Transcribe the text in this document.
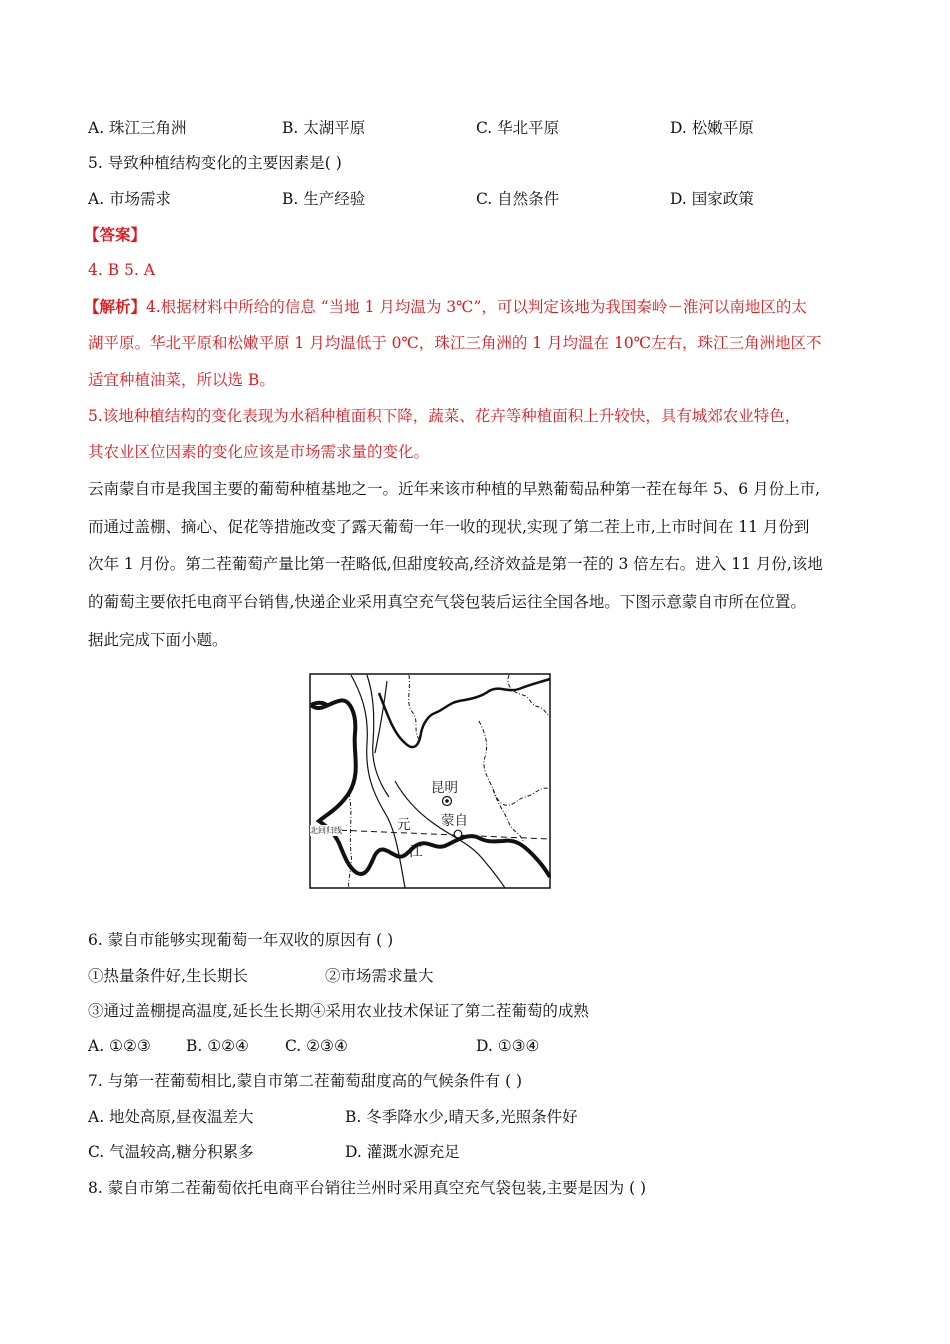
A. 珠江三角洲	B. 太湖平原	C. 华北平原	D. 松嫩平原
5. 导致种植结构变化的主要因素是( )
A. 市场需求	B. 生产经验	C. 自然条件	D. 国家政策
【答案】
4. B 5. A
【解析】4.根据材料中所给的信息 “当地 1 月均温为 3℃”，可以判定该地为我国秦岭－淮河以南地区的太
湖平原。华北平原和松嫩平原 1 月均温低于 0℃，珠江三角洲的 1 月均温在 10℃左右，珠江三角洲地区不
适宜种植油菜，所以选 B。
5.该地种植结构的变化表现为水稻种植面积下降，蔬菜、花卉等种植面积上升较快，具有城郊农业特色，
其农业区位因素的变化应该是市场需求量的变化。
云南蒙自市是我国主要的葡萄种植基地之一。近年来该市种植的早熟葡萄品种第一茬在每年 5、6 月份上市,
而通过盖棚、摘心、促花等措施改变了露天葡萄一年一收的现状,实现了第二茬上市,上市时间在 11 月份到
次年 1 月份。第二茬葡萄产量比第一茬略低,但甜度较高,经济效益是第一茬的 3 倍左右。进入 11 月份,该地
的葡萄主要依托电商平台销售,快递企业采用真空充气袋包装后运往全国各地。下图示意蒙自市所在位置。
据此完成下面小题。
昆明
蒙自
元
江
北回归线
6. 蒙自市能够实现葡萄一年双收的原因有 ( )
①热量条件好,生长期长	②市场需求量大
③通过盖棚提高温度,延长生长期④采用农业技术保证了第二茬葡萄的成熟
A. ①②③ B. ①②④ C. ②③④	D. ①③④
7. 与第一茬葡萄相比,蒙自市第二茬葡萄甜度高的气候条件有 ( )
A. 地处高原,昼夜温差大	B. 冬季降水少,晴天多,光照条件好
C. 气温较高,糖分积累多	D. 灌溉水源充足
8. 蒙自市第二茬葡萄依托电商平台销往兰州时采用真空充气袋包装,主要是因为 ( )
